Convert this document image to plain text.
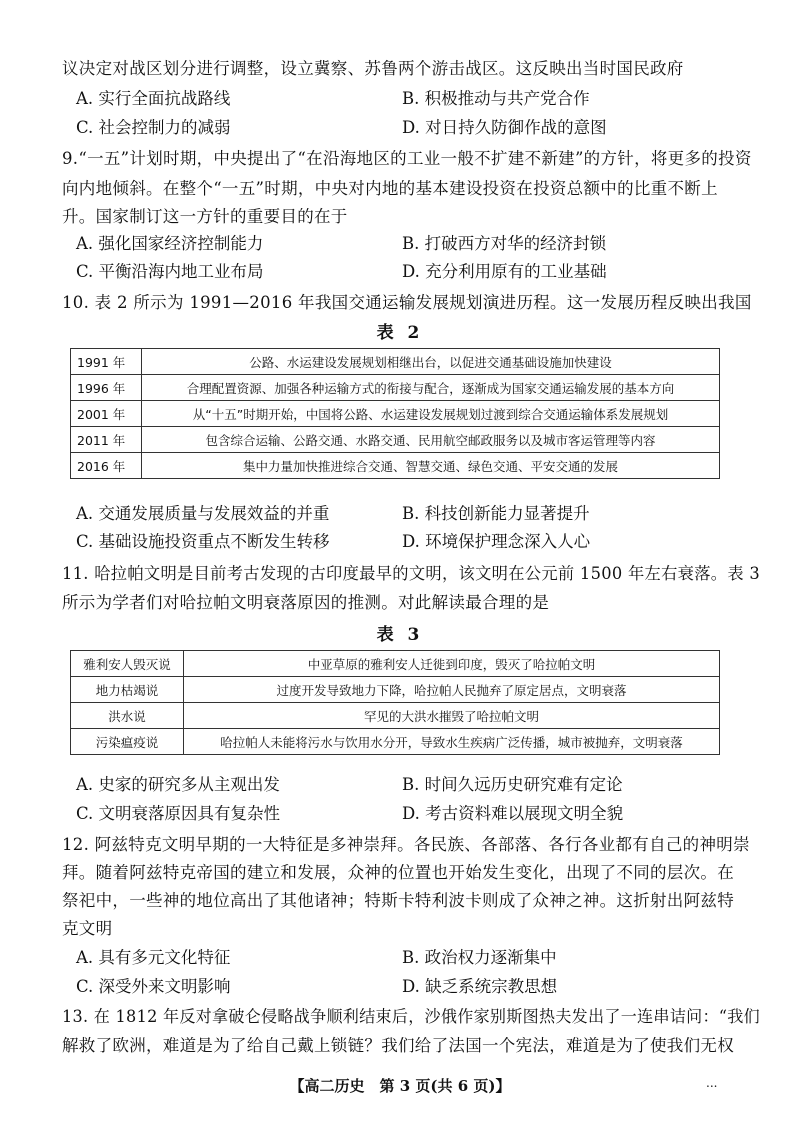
议决定对战区划分进行调整，设立冀察、苏鲁两个游击战区。这反映出当时国民政府
A. 实行全面抗战路线	B. 积极推动与共产党合作
C. 社会控制力的减弱	D. 对日持久防御作战的意图
9.“一五”计划时期，中央提出了“在沿海地区的工业一般不扩建不新建”的方针，将更多的投资
向内地倾斜。在整个“一五”时期，中央对内地的基本建设投资在投资总额中的比重不断上
升。国家制订这一方针的重要目的在于
A. 强化国家经济控制能力	B. 打破西方对华的经济封锁
C. 平衡沿海内地工业布局	D. 充分利用原有的工业基础
10. 表 2 所示为 1991—2016 年我国交通运输发展规划演进历程。这一发展历程反映出我国
表 2
1991 年	公路、水运建设发展规划相继出台，以促进交通基础设施加快建设
1996 年	合理配置资源、加强各种运输方式的衔接与配合，逐渐成为国家交通运输发展的基本方向
2001 年	从“十五”时期开始，中国将公路、水运建设发展规划过渡到综合交通运输体系发展规划
2011 年	包含综合运输、公路交通、水路交通、民用航空邮政服务以及城市客运管理等内容
2016 年	集中力量加快推进综合交通、智慧交通、绿色交通、平安交通的发展
A. 交通发展质量与发展效益的并重	B. 科技创新能力显著提升
C. 基础设施投资重点不断发生转移	D. 环境保护理念深入人心
11. 哈拉帕文明是目前考古发现的古印度最早的文明，该文明在公元前 1500 年左右衰落。表 3
所示为学者们对哈拉帕文明衰落原因的推测。对此解读最合理的是
表 3
雅利安人毁灭说	中亚草原的雅利安人迁徙到印度，毁灭了哈拉帕文明
地力枯竭说	过度开发导致地力下降，哈拉帕人民抛弃了原定居点，文明衰落
洪水说	罕见的大洪水摧毁了哈拉帕文明
污染瘟疫说	哈拉帕人未能将污水与饮用水分开，导致水生疾病广泛传播，城市被抛弃，文明衰落
A. 史家的研究多从主观出发	B. 时间久远历史研究难有定论
C. 文明衰落原因具有复杂性	D. 考古资料难以展现文明全貌
12. 阿兹特克文明早期的一大特征是多神崇拜。各民族、各部落、各行各业都有自己的神明崇
拜。随着阿兹特克帝国的建立和发展，众神的位置也开始发生变化，出现了不同的层次。在
祭祀中，一些神的地位高出了其他诸神；特斯卡特利波卡则成了众神之神。这折射出阿兹特
克文明
A. 具有多元文化特征	B. 政治权力逐渐集中
C. 深受外来文明影响	D. 缺乏系统宗教思想
13. 在 1812 年反对拿破仑侵略战争顺利结束后，沙俄作家别斯图热夫发出了一连串诘问：“我们
解救了欧洲，难道是为了给自己戴上锁链？我们给了法国一个宪法，难道是为了使我们无权
【高二历史　第 3 页(共 6 页)】	...
